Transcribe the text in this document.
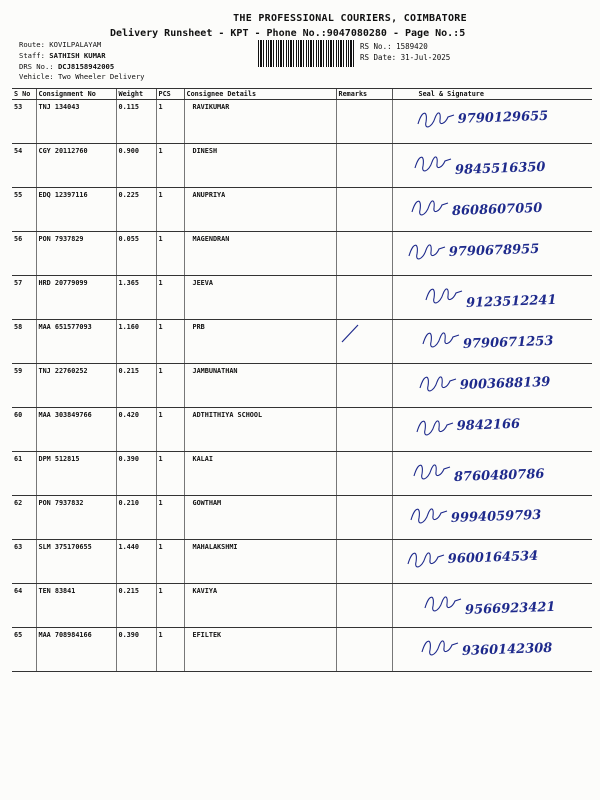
THE PROFESSIONAL COURIERS, COIMBATORE
Delivery Runsheet - KPT - Phone No.:9047080280 - Page No.:5
Route: KOVILPALAYAM
Staff: SATHISH KUMAR
DRS No.: DCJ8158942005
Vehicle: Two Wheeler Delivery
RS No.: 1589420
RS Date: 31-Jul-2025
S No	Consignment No	Weight	PCS	Consignee Details	Remarks	Seal & Signature
53	TNJ 134043	0.115	1	RAVIKUMAR		9790129655

54	CGY 20112760	0.900	1	DINESH		9845516350

55	EDQ 12397116	0.225	1	ANUPRIYA		8608607050

56	PON 7937829	0.055	1	MAGENDRAN		9790678955

57	HRD 20779099	1.365	1	JEEVA		9123512241

58	MAA 651577093	1.160	1	PRB		9790671253

59	TNJ 22760252	0.215	1	JAMBUNATHAN		9003688139

60	MAA 303849766	0.420	1	ADTHITHIYA SCHOOL		9842166

61	DPM 512815	0.390	1	KALAI		8760480786

62	PON 7937832	0.210	1	GOWTHAM		9994059793

63	SLM 375170655	1.440	1	MAHALAKSHMI		9600164534

64	TEN 83841	0.215	1	KAVIYA		9566923421

65	MAA 708984166	0.390	1	EFILTEK		9360142308
